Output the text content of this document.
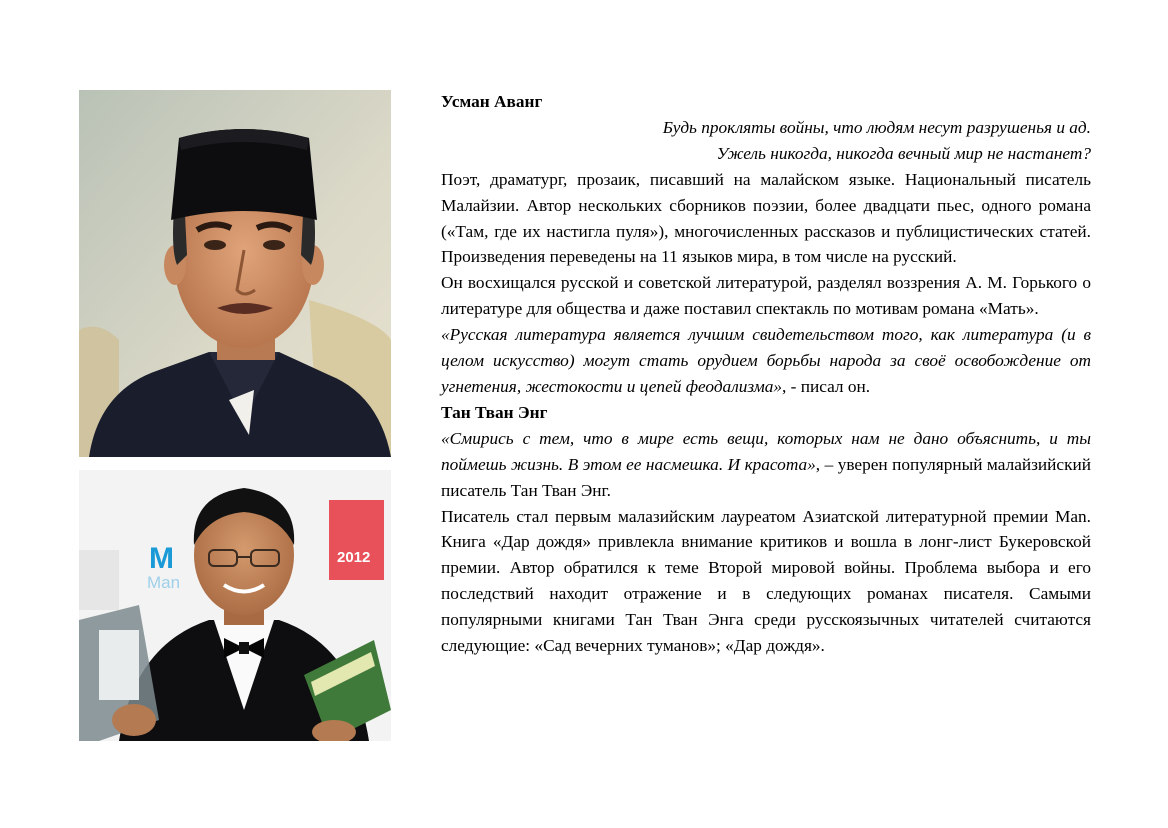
2012
M
Man

Усман Аванг

Будь прокляты войны, что людям несут разрушенья и ад.

Ужель никогда, никогда вечный мир не настанет?

Поэт, драматург, прозаик, писавший на малайском языке. Национальный писатель Малайзии. Автор нескольких сборников поэзии, более двадцати пьес, одного романа («Там, где их настигла пуля»), многочисленных рассказов и публицистических статей. Произведения переведены на 11 языков мира, в том числе на русский.

Он восхищался русской и советской литературой, разделял воззрения А. М. Горького о литературе для общества и даже поставил спектакль по мотивам романа «Мать».

«Русская литература является лучшим свидетельством того, как литература (и в целом искусство) могут стать орудием борьбы народа за своё освобождение от угнетения, жестокости и цепей феодализма», - писал он.

Тан Тван Энг

«Смирись с тем, что в мире есть вещи, которых нам не дано объяснить, и ты поймешь жизнь. В этом ее насмешка. И красота», – уверен популярный малайзийский писатель Тан Тван Энг.

Писатель стал первым малазийским лауреатом Азиатской литературной премии Man. Книга «Дар дождя» привлекла внимание критиков и вошла в лонг-лист Букеровской премии. Автор обратился к теме Второй мировой войны. Проблема выбора и его последствий находит отражение и в следующих романах писателя. Самыми популярными книгами Тан Тван Энга среди русскоязычных читателей считаются следующие: «Сад вечерних туманов»; «Дар дождя».
